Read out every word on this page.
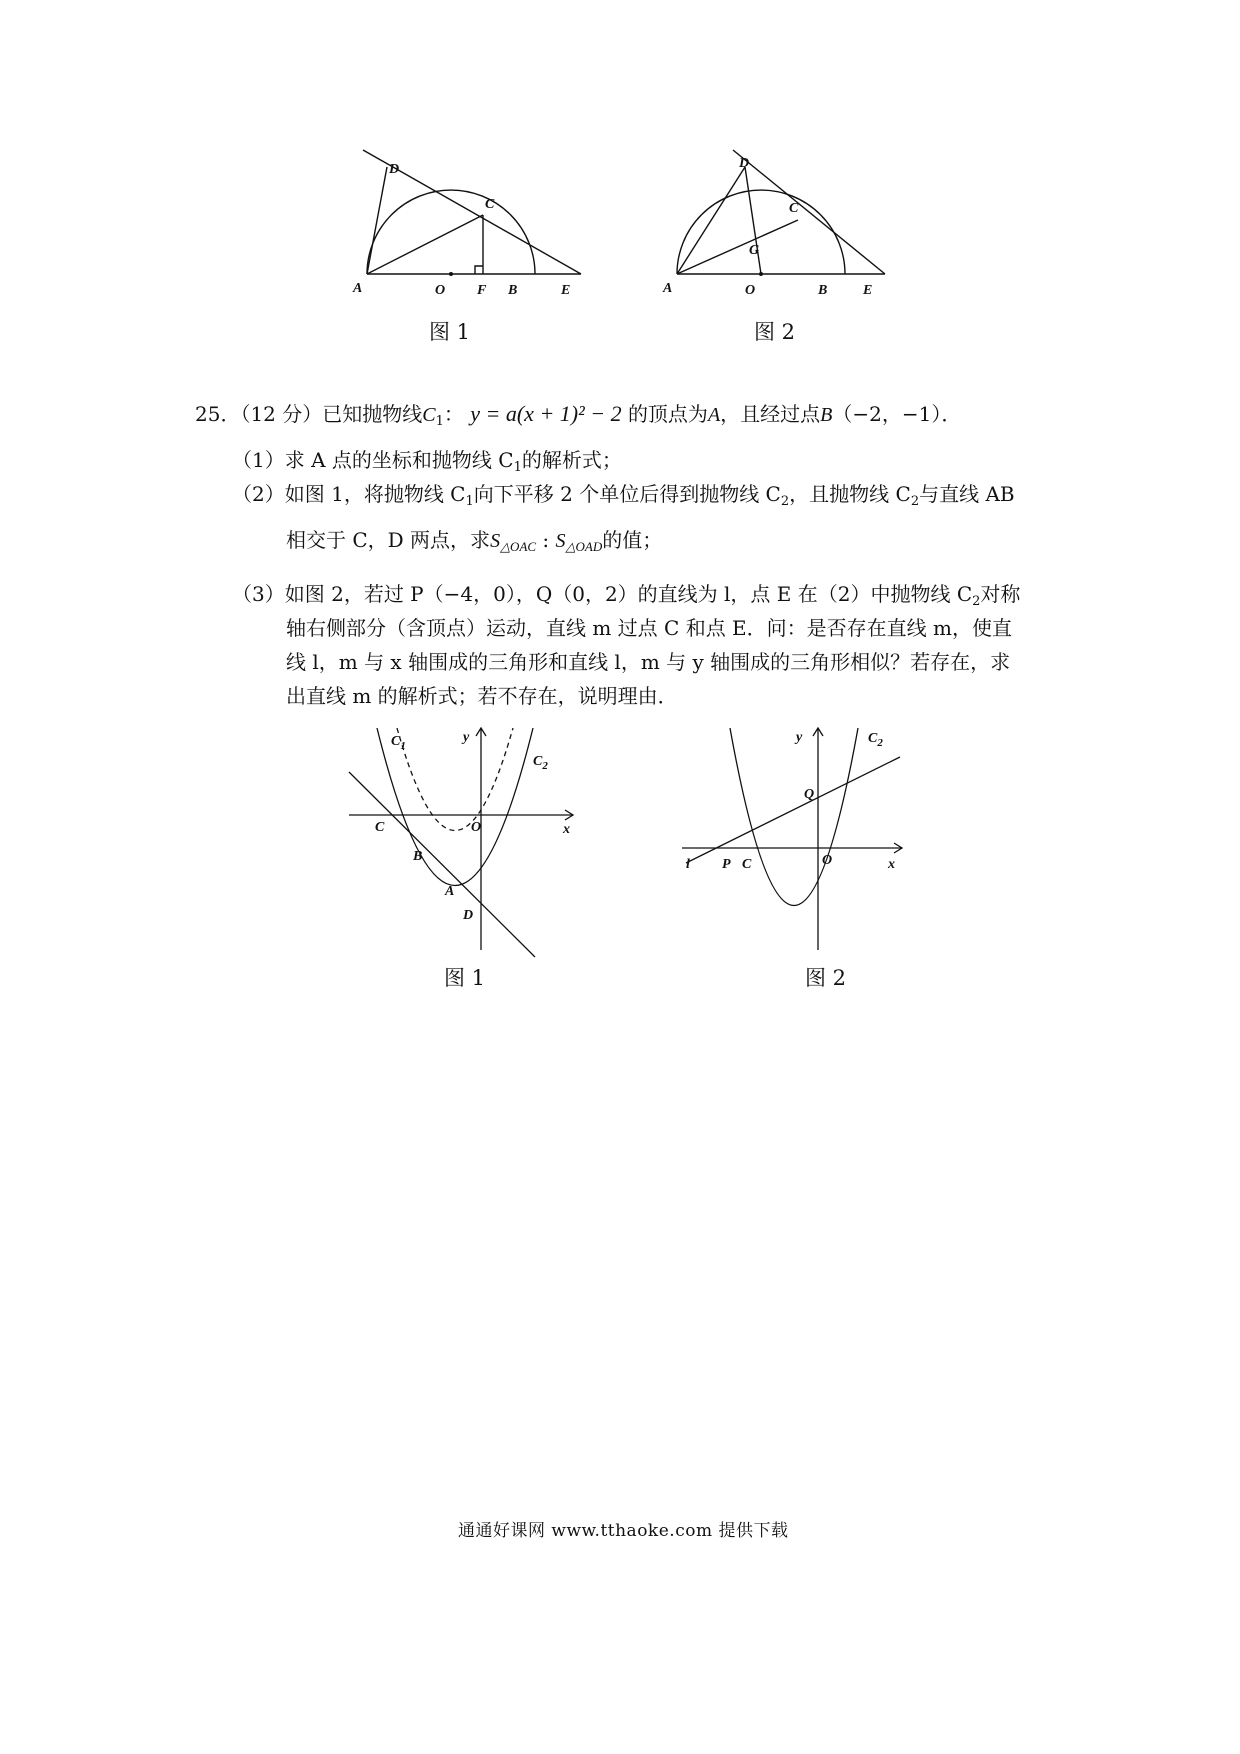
A
D
C
O F B	E
图 1
A
D
C
G
O	B	E
图 2
25．（12 分）已知抛物线$C_1$： y = a(x + 1)² − 2 的顶点为A，且经过点B（−2，−1）．
（1）求 A 点的坐标和抛物线 $C_1$的解析式；
（2）如图 1，将抛物线 $C_1$向下平移 2 个单位后得到抛物线 $C_2$，且抛物线 $C_2$与直线 AB
相交于 C，D 两点，求$S_{\triangle OAC}$ : $S_{\triangle OAD}$的值；
（3）如图 2，若过 P（−4，0），Q（0，2）的直线为 l，点 E 在（2）中抛物线 $C_2$对称
轴右侧部分（含顶点）运动，直线 m 过点 C 和点 E．问：是否存在直线 m，使直
线 l，m 与 x 轴围成的三角形和直线 l，m 与 y 轴围成的三角形相似？若存在，求
出直线 m 的解析式；若不存在，说明理由．
$C_1$
$C_2$
y
x
C	O
B
A
D
图 1
y	$C_2$
Q
l P C	O	x
图 2
通通好课网 www.tthaoke.com 提供下载
